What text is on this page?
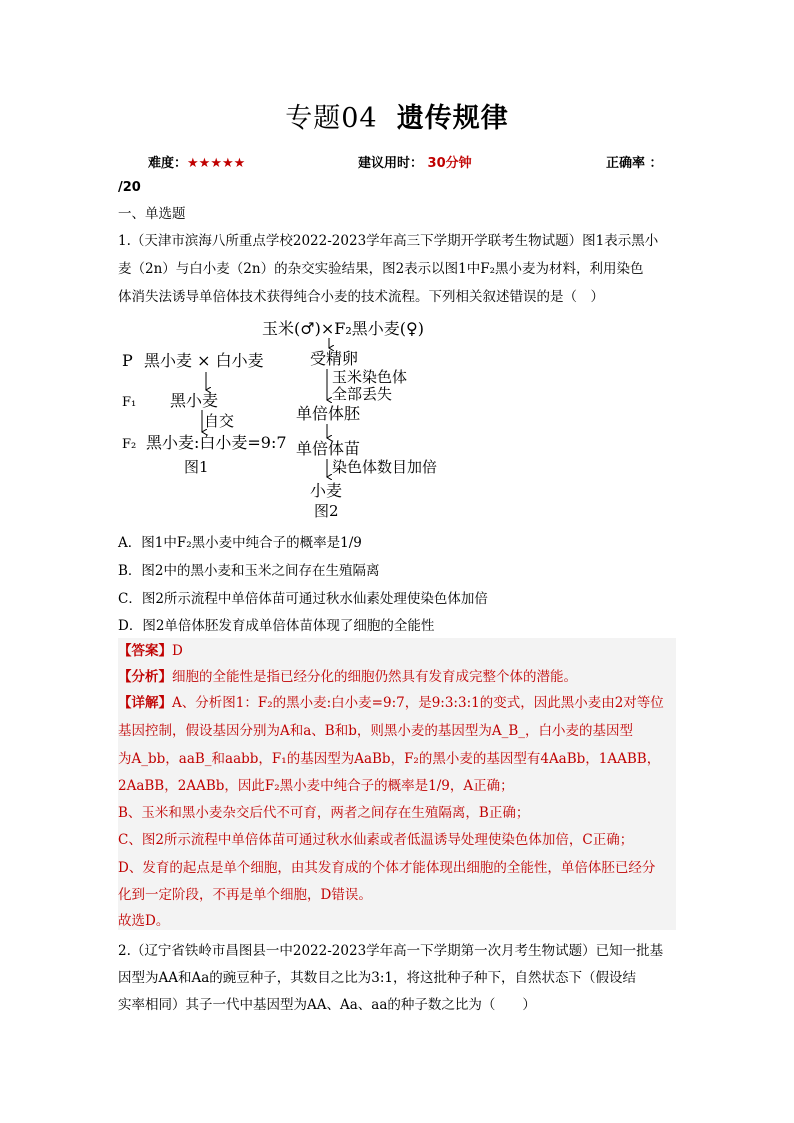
专题04 遗传规律
难度：★★★★★	建议用时： 30分钟	正确率 ：
/20
一、单选题
1.（天津市滨海八所重点学校2022-2023学年高三下学期开学联考生物试题）图1表示黑小
麦（2n）与白小麦（2n）的杂交实验结果，图2表示以图1中F₂黑小麦为材料，利用染色
体消失法诱导单倍体技术获得纯合小麦的技术流程。下列相关叙述错误的是（　）
P 黑小麦 × 白小麦
F₁ 黑小麦
自交
F₂ 黑小麦:白小麦=9:7
图1
玉米(♂)×F₂黑小麦(♀)
受精卵
玉米染色体
全部丢失
单倍体胚
单倍体苗
染色体数目加倍
小麦
图2
A．图1中F₂黑小麦中纯合子的概率是1/9
B．图2中的黑小麦和玉米之间存在生殖隔离
C．图2所示流程中单倍体苗可通过秋水仙素处理使染色体加倍
D．图2单倍体胚发育成单倍体苗体现了细胞的全能性
【答案】D
【分析】细胞的全能性是指已经分化的细胞仍然具有发育成完整个体的潜能。
【详解】A、分析图1：F₂的黑小麦:白小麦=9:7，是9:3:3:1的变式，因此黑小麦由2对等位
基因控制，假设基因分别为A和a、B和b，则黑小麦的基因型为A_B_，白小麦的基因型
为A_bb，aaB_和aabb，F₁的基因型为AaBb，F₂的黑小麦的基因型有4AaBb，1AABB，
2AaBB，2AABb，因此F₂黑小麦中纯合子的概率是1/9，A正确；
B、玉米和黑小麦杂交后代不可育，两者之间存在生殖隔离，B正确；
C、图2所示流程中单倍体苗可通过秋水仙素或者低温诱导处理使染色体加倍，C正确；
D、发育的起点是单个细胞，由其发育成的个体才能体现出细胞的全能性，单倍体胚已经分
化到一定阶段，不再是单个细胞，D错误。
故选D。
2.（辽宁省铁岭市昌图县一中2022-2023学年高一下学期第一次月考生物试题）已知一批基
因型为AA和Aa的豌豆种子，其数目之比为3:1，将这批种子种下，自然状态下（假设结
实率相同）其子一代中基因型为AA、Aa、aa的种子数之比为（　　）
